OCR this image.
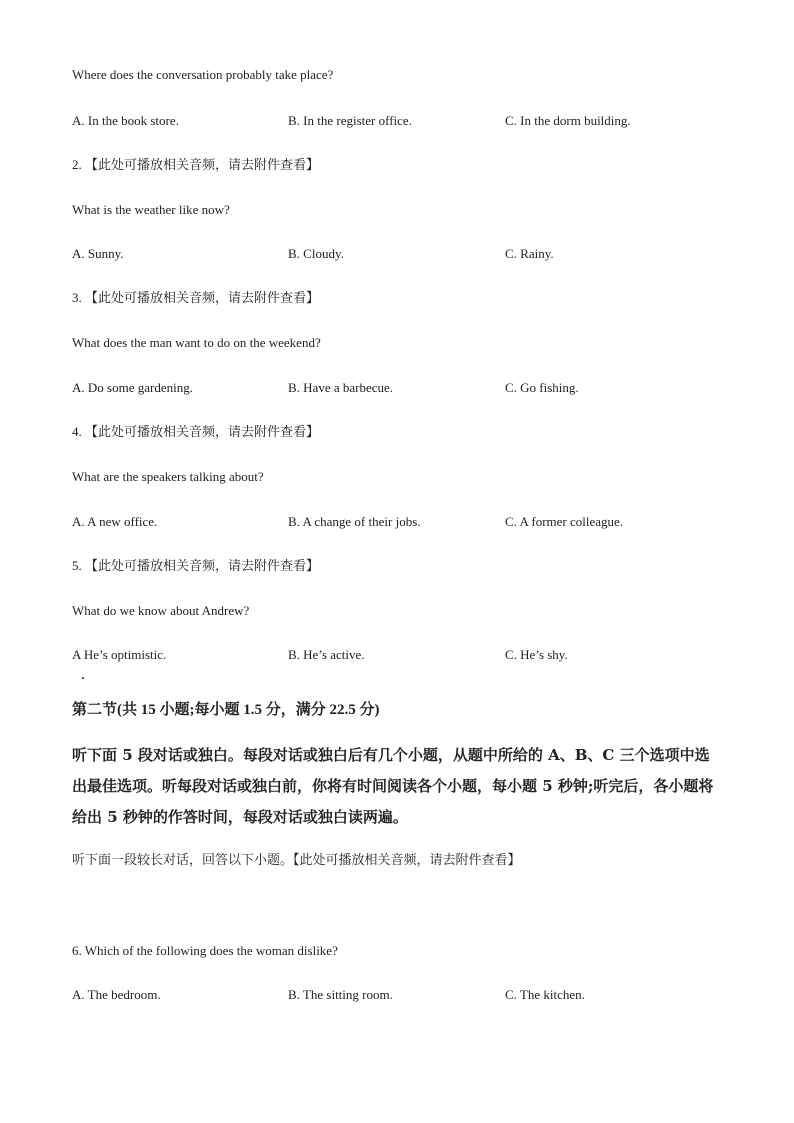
Where does the conversation probably take place?
A. In the book store.	B. In the register office.	C. In the dorm building.
2. 【此处可播放相关音频，请去附件查看】
What is the weather like now?
A. Sunny.	B. Cloudy.	C. Rainy.
3. 【此处可播放相关音频，请去附件查看】
What does the man want to do on the weekend?
A. Do some gardening.	B. Have a barbecue.	C. Go fishing.
4. 【此处可播放相关音频，请去附件查看】
What are the speakers talking about?
A. A new office.	B. A change of their jobs.	C. A former colleague.
5. 【此处可播放相关音频，请去附件查看】
What do we know about Andrew?
A He’s optimistic.	B. He’s active.	C. He’s shy.
第二节(共 15 小题;每小题 1.5 分，满分 22.5 分)
听下面 5 段对话或独白。每段对话或独白后有几个小题，从题中所给的 A、B、C 三个选项中选出最佳选项。听每段对话或独白前，你将有时间阅读各个小题，每小题 5 秒钟;听完后，各小题将给出 5 秒钟的作答时间，每段对话或独白读两遍。
听下面一段较长对话，回答以下小题。【此处可播放相关音频，请去附件查看】
6. Which of the following does the woman dislike?
A. The bedroom.	B. The sitting room.	C. The kitchen.
